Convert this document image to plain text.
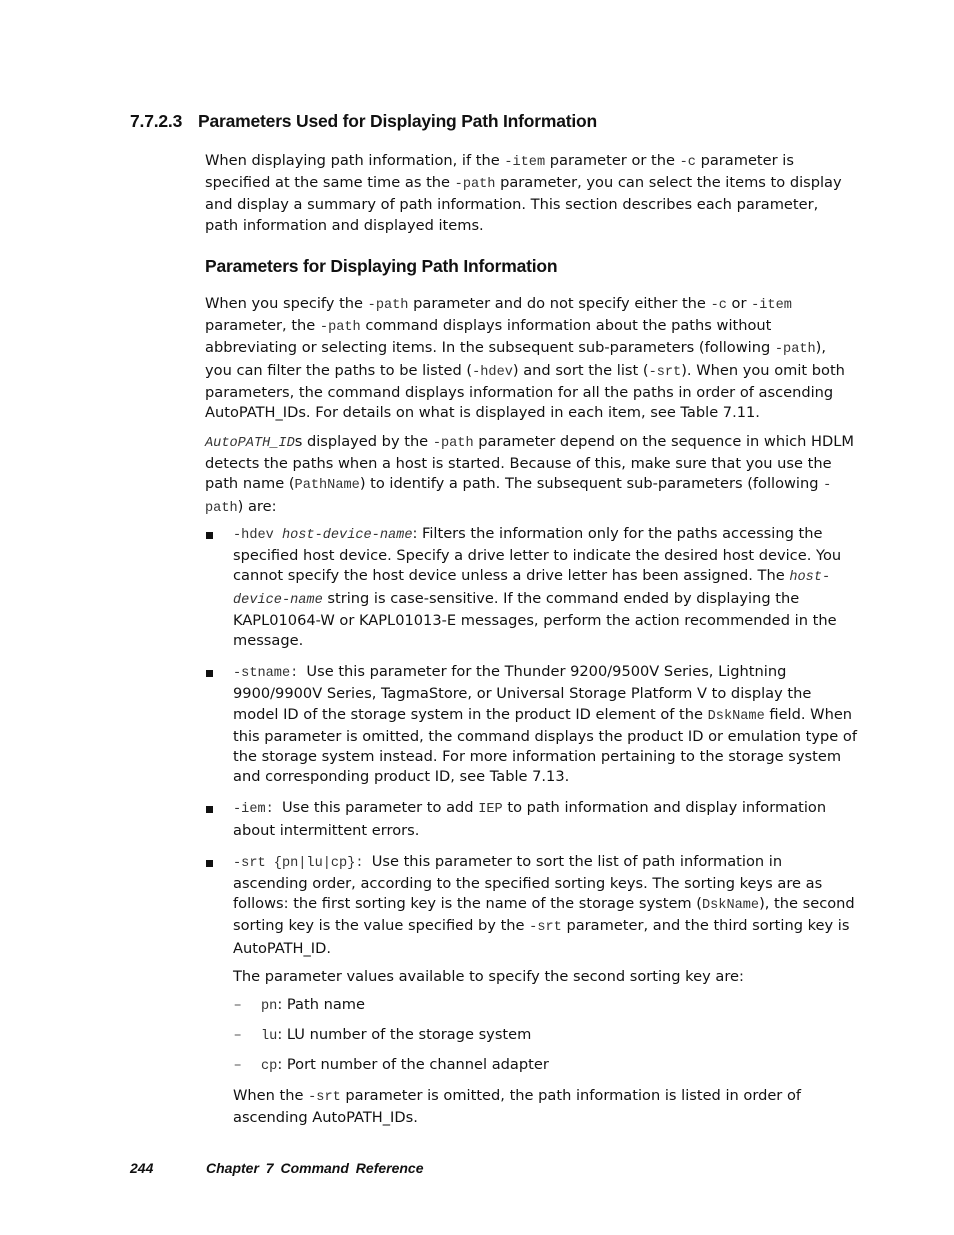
7.7.2.3 Parameters Used for Displaying Path Information

When displaying path information, if the -item parameter or the -c parameter is specified at the same time as the -path parameter, you can select the items to display and display a summary of path information. This section describes each parameter, path information and displayed items.

Parameters for Displaying Path Information

When you specify the -path parameter and do not specify either the -c or -item parameter, the -path command displays information about the paths without abbreviating or selecting items. In the subsequent sub-parameters (following -path), you can filter the paths to be listed (-hdev) and sort the list (-srt). When you omit both parameters, the command displays information for all the paths in order of ascending AutoPATH_IDs. For details on what is displayed in each item, see Table 7.11.

AutoPATH_IDs displayed by the -path parameter depend on the sequence in which HDLM detects the paths when a host is started. Because of this, make sure that you use the path name (PathName) to identify a path. The subsequent sub-parameters (following -path) are:

-hdev host-device-name: Filters the information only for the paths accessing the specified host device. Specify a drive letter to indicate the desired host device. You cannot specify the host device unless a drive letter has been assigned. The host-device-name string is case-sensitive. If the command ended by displaying the KAPL01064-W or KAPL01013-E messages, perform the action recommended in the message.
-stname: Use this parameter for the Thunder 9200/9500V Series, Lightning 9900/9900V Series, TagmaStore, or Universal Storage Platform V to display the model ID of the storage system in the product ID element of the DskName field. When this parameter is omitted, the command displays the product ID or emulation type of the storage system instead. For more information pertaining to the storage system and corresponding product ID, see Table 7.13.
-iem: Use this parameter to add IEP to path information and display information about intermittent errors.
-srt {pn|lu|cp}: Use this parameter to sort the list of path information in ascending order, according to the specified sorting keys. The sorting keys are as follows: the first sorting key is the name of the storage system (DskName), the second sorting key is the value specified by the -srt parameter, and the third sorting key is AutoPATH_ID.

The parameter values available to specify the second sorting key are:

– pn: Path name
– lu: LU number of the storage system
– cp: Port number of the channel adapter

When the -srt parameter is omitted, the path information is listed in order of ascending AutoPATH_IDs.

244	Chapter 7 Command Reference
